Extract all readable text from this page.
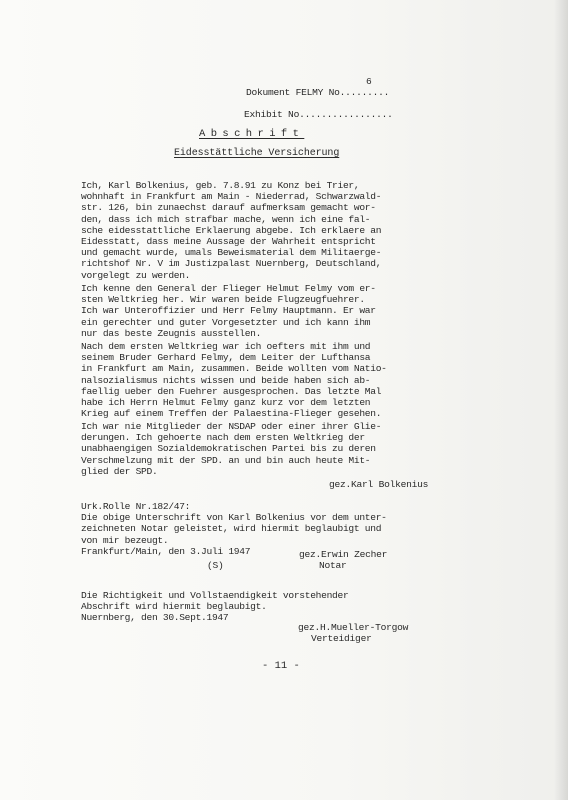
6
Dokument FELMY No.........
Exhibit No.................
Abschrift
Eidesstättliche Versicherung
Ich, Karl Bolkenius, geb. 7.8.91 zu Konz bei Trier,
wohnhaft in Frankfurt am Main - Niederrad, Schwarzwald-
str. 126, bin zunaechst darauf aufmerksam gemacht wor-
den, dass ich mich strafbar mache, wenn ich eine fal-
sche eidesstattliche Erklaerung abgebe. Ich erklaere an
Eidesstatt, dass meine Aussage der Wahrheit entspricht
und gemacht wurde, umals Beweismaterial dem Militaerge-
richtshof Nr. V im Justizpalast Nuernberg, Deutschland,
vorgelegt zu werden.
Ich kenne den General der Flieger Helmut Felmy vom er-
sten Weltkrieg her. Wir waren beide Flugzeugfuehrer.
Ich war Unteroffizier und Herr Felmy Hauptmann. Er war
ein gerechter und guter Vorgesetzter und ich kann ihm
nur das beste Zeugnis ausstellen.
Nach dem ersten Weltkrieg war ich oefters mit ihm und
seinem Bruder Gerhard Felmy, dem Leiter der Lufthansa
in Frankfurt am Main, zusammen. Beide wollten vom Natio-
nalsozialismus nichts wissen und beide haben sich ab-
faellig ueber den Fuehrer ausgesprochen. Das letzte Mal
habe ich Herrn Helmut Felmy ganz kurz vor dem letzten
Krieg auf einem Treffen der Palaestina-Flieger gesehen.
Ich war nie Mitglieder der NSDAP oder einer ihrer Glie-
derungen. Ich gehoerte nach dem ersten Weltkrieg der
unabhaengigen Sozialdemokratischen Partei bis zu deren
Verschmelzung mit der SPD. an und bin auch heute Mit-
glied der SPD.
gez.Karl Bolkenius
Urk.Rolle Nr.182/47:
Die obige Unterschrift von Karl Bolkenius vor dem unter-
zeichneten Notar geleistet, wird hiermit beglaubigt und
von mir bezeugt.
Frankfurt/Main, den 3.Juli 1947
(S)
gez.Erwin Zecher
Notar
Die Richtigkeit und Vollstaendigkeit vorstehender
Abschrift wird hiermit beglaubigt.
Nuernberg, den 30.Sept.1947
gez.H.Mueller-Torgow
Verteidiger
- 11 -
